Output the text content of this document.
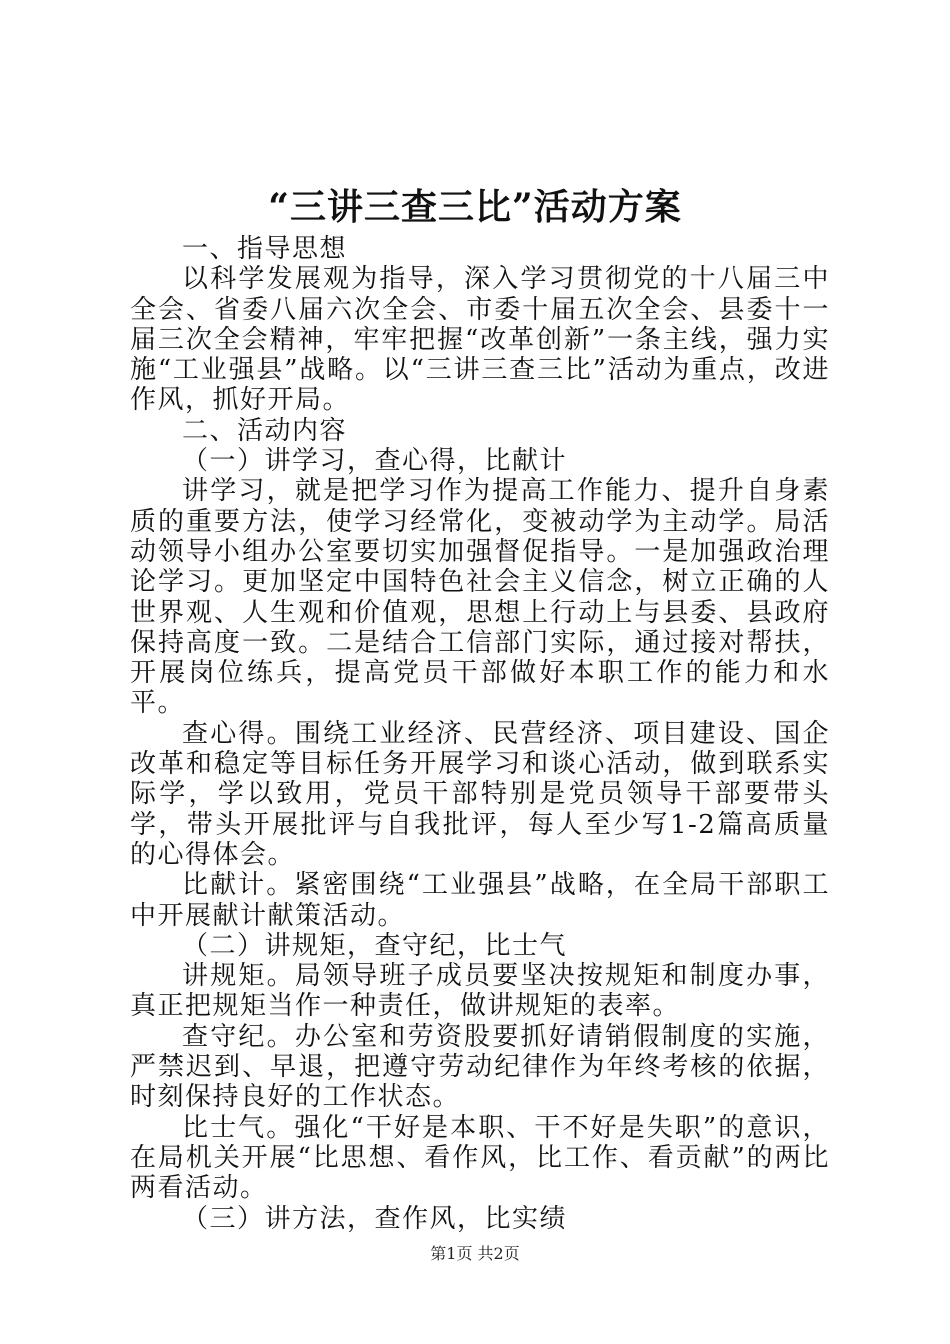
“三讲三查三比”活动方案

一、指导思想

以科学发展观为指导，深入学习贯彻党的十八届三中全会、省委八届六次全会、市委十届五次全会、县委十一届三次全会精神，牢牢把握“改革创新”一条主线，强力实施“工业强县”战略。以“三讲三查三比”活动为重点，改进作风，抓好开局。

二、活动内容

（一）讲学习，查心得，比献计

讲学习，就是把学习作为提高工作能力、提升自身素质的重要方法，使学习经常化，变被动学为主动学。局活动领导小组办公室要切实加强督促指导。一是加强政治理论学习。更加坚定中国特色社会主义信念，树立正确的人世界观、人生观和价值观，思想上行动上与县委、县政府保持高度一致。二是结合工信部门实际，通过接对帮扶，开展岗位练兵，提高党员干部做好本职工作的能力和水平。

查心得。围绕工业经济、民营经济、项目建设、国企改革和稳定等目标任务开展学习和谈心活动，做到联系实际学，学以致用，党员干部特别是党员领导干部要带头学，带头开展批评与自我批评，每人至少写1-2篇高质量的心得体会。

比献计。紧密围绕“工业强县”战略，在全局干部职工中开展献计献策活动。

（二）讲规矩，查守纪，比士气

讲规矩。局领导班子成员要坚决按规矩和制度办事，真正把规矩当作一种责任，做讲规矩的表率。

查守纪。办公室和劳资股要抓好请销假制度的实施，严禁迟到、早退，把遵守劳动纪律作为年终考核的依据，时刻保持良好的工作状态。

比士气。强化“干好是本职、干不好是失职”的意识，在局机关开展“比思想、看作风，比工作、看贡献”的两比两看活动。

（三）讲方法，查作风，比实绩

第1页 共2页
